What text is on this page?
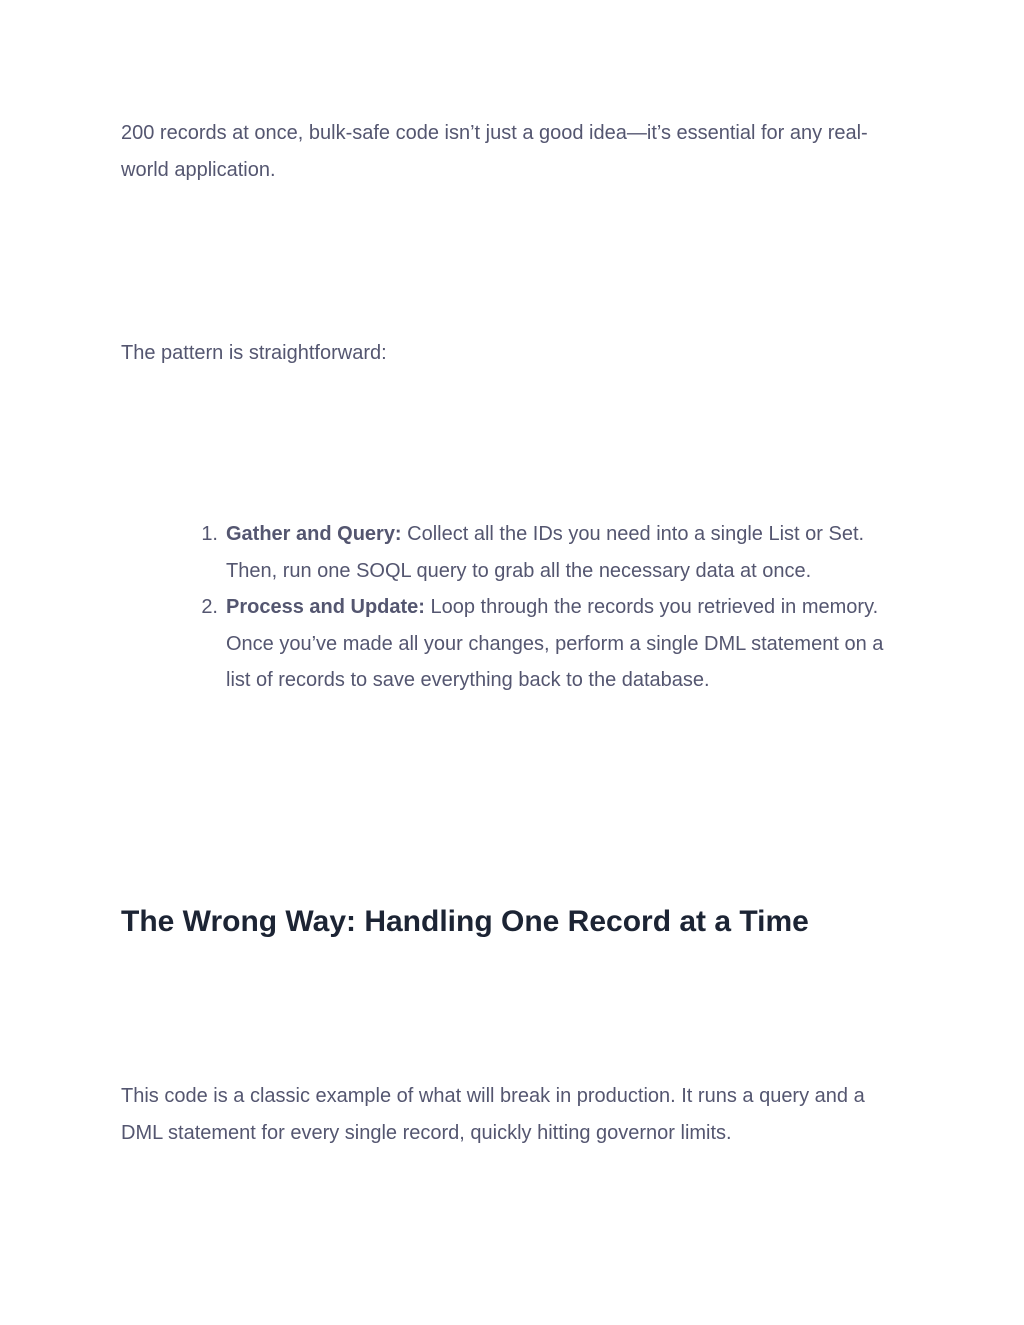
200 records at once, bulk-safe code isn’t just a good idea—it’s essential for any real-world application.

The pattern is straightforward:

1. Gather and Query: Collect all the IDs you need into a single List or Set. Then, run one SOQL query to grab all the necessary data at once.
2. Process and Update: Loop through the records you retrieved in memory. Once you’ve made all your changes, perform a single DML statement on a list of records to save everything back to the database.
The Wrong Way: Handling One Record at a Time

This code is a classic example of what will break in production. It runs a query and a DML statement for every single record, quickly hitting governor limits.
